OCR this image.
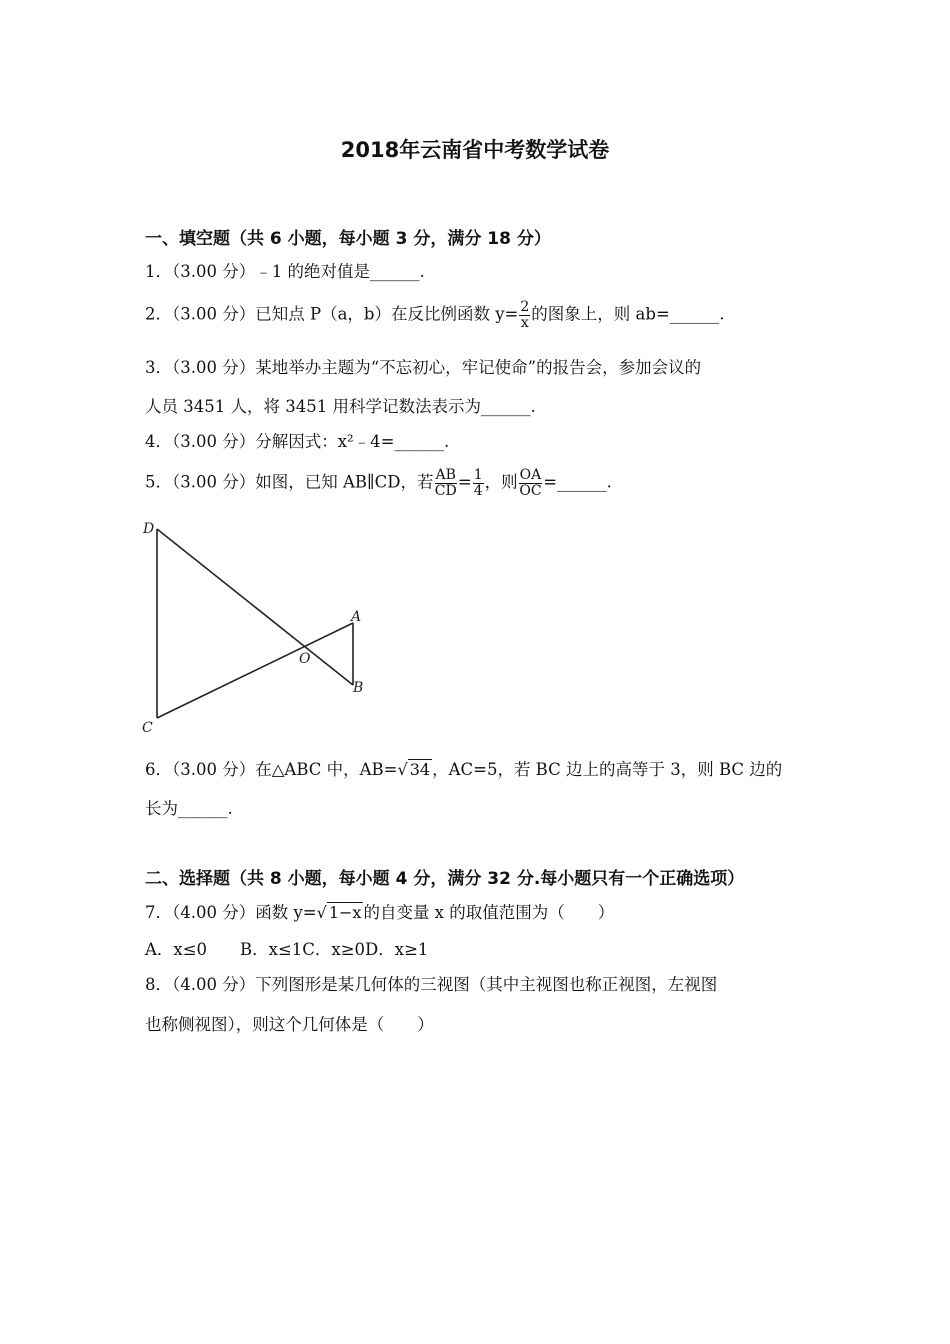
2018年云南省中考数学试卷
一、填空题（共 6 小题，每小题 3 分，满分 18 分）
1．（3.00 分）﹣1 的绝对值是______.
2．（3.00 分）已知点 P（a，b）在反比例函数 $y= \frac{2}{x}$ 的图象上，则 ab=______.
3．（3.00 分）某地举办主题为“不忘初心，牢记使命”的报告会，参加会议的
人员 3451 人，将 3451 用科学记数法表示为______.
4．（3.00 分）分解因式：x²﹣4=______.
5．（3.00 分）如图，已知 AB∥CD，若 $\frac{AB}{CD} = \frac{1}{4}$ ，则 $\frac{OA}{OC}$ =______.
D
C
O
A
B
6．（3.00 分）在△ABC 中，AB=√ 34 ，AC=5，若 BC 边上的高等于 3，则 BC 边的
长为______.
二、选择题（共 8 小题，每小题 4 分，满分 32 分.每小题只有一个正确选项）
7．（4.00 分）函数 y=√ 1−x 的自变量 x 的取值范围为（　　）
A．x≤0　　B．x≤1C．x≥0D．x≥1
8．（4.00 分）下列图形是某几何体的三视图（其中主视图也称正视图，左视图
也称侧视图），则这个几何体是（　　）
